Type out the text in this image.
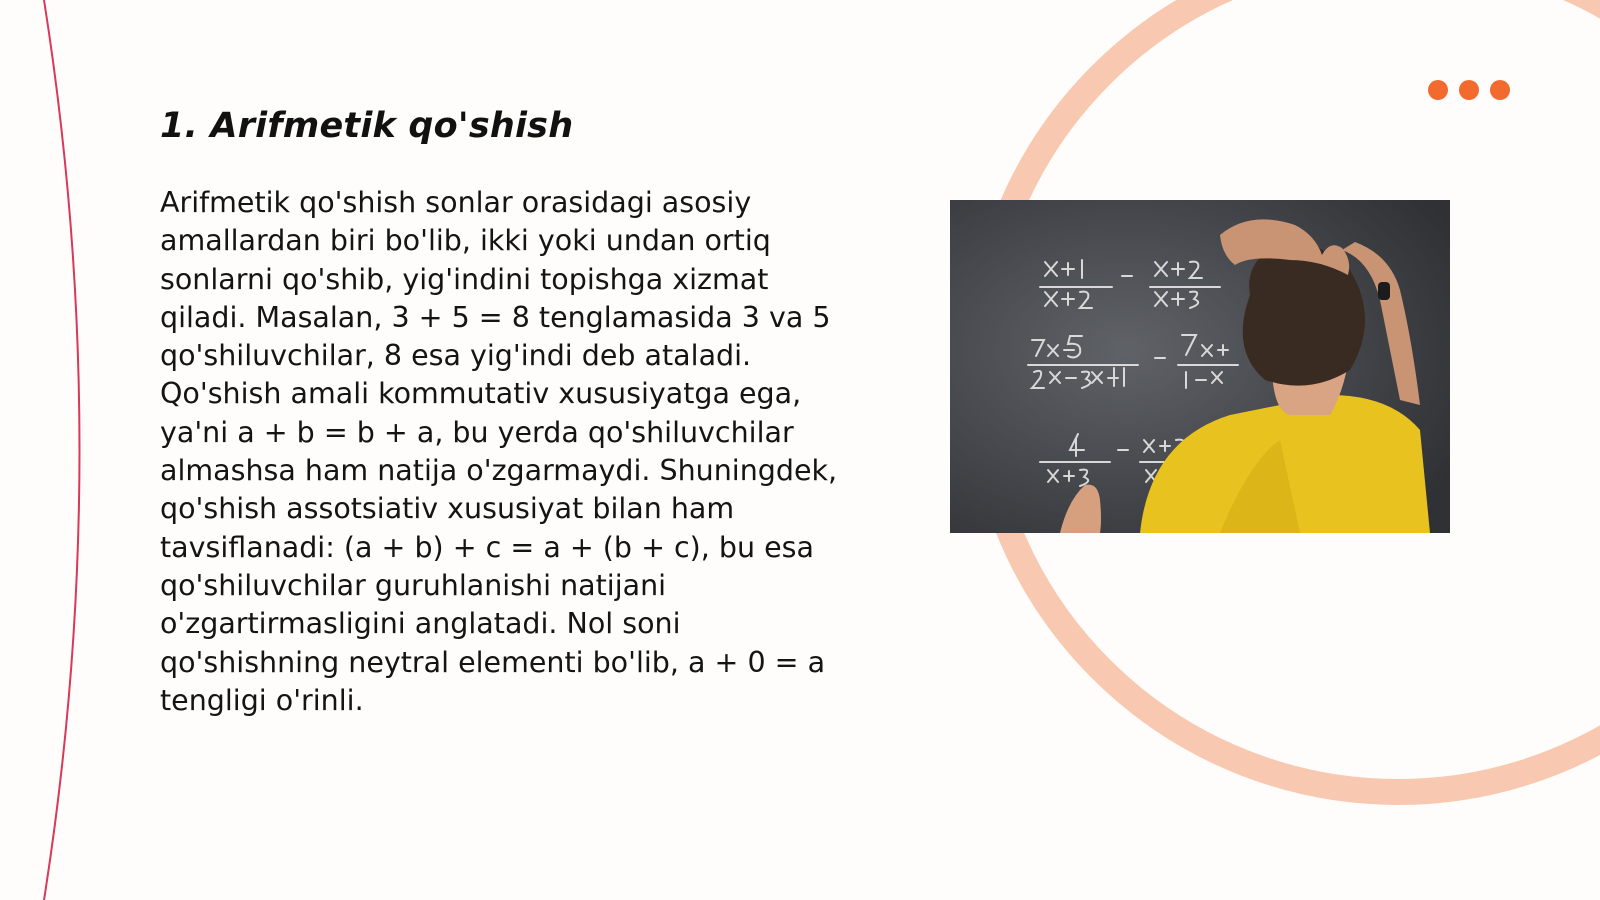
1. Arifmetik qo'shish

Arifmetik qo'shish sonlar orasidagi asosiy amallardan biri bo'lib, ikki yoki undan ortiq sonlarni qo'shib, yig'indini topishga xizmat qiladi. Masalan, 3 + 5 = 8 tenglamasida 3 va 5 qo'shiluvchilar, 8 esa yig'indi deb ataladi. Qo'shish amali kommutativ xususiyatga ega, ya'ni a + b = b + a, bu yerda qo'shiluvchilar almashsa ham natija o'zgarmaydi. Shuningdek, qo'shish assotsiativ xususiyat bilan ham tavsiflanadi: (a + b) + c = a + (b + c), bu esa qo'shiluvchilar guruhlanishi natijani o'zgartirmasligini anglatadi. Nol soni qo'shishning neytral elementi bo'lib, a + 0 = a tengligi o'rinli.
